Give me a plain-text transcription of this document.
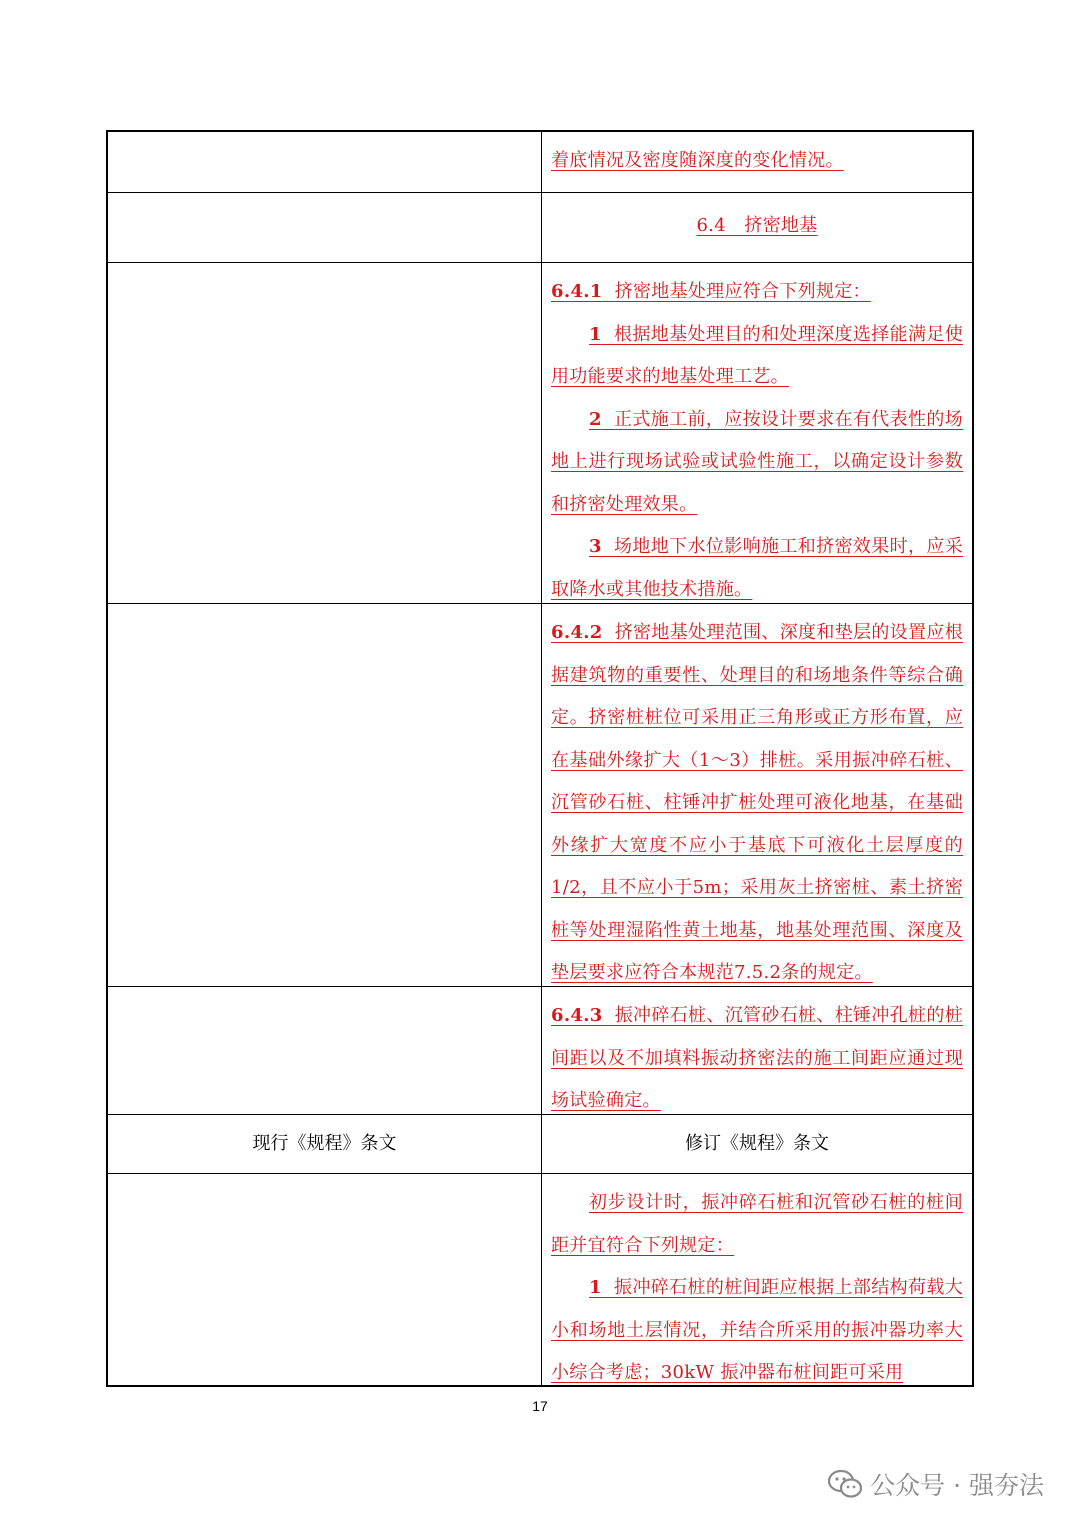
着底情况及密度随深度的变化情况。

6.4　挤密地基

6.4.1 挤密地基处理应符合下列规定：

1 根据地基处理目的和处理深度选择能满足使用功能要求的地基处理工艺。

2 正式施工前，应按设计要求在有代表性的场地上进行现场试验或试验性施工，以确定设计参数和挤密处理效果。

3 场地地下水位影响施工和挤密效果时，应采取降水或其他技术措施。

6.4.2 挤密地基处理范围、深度和垫层的设置应根据建筑物的重要性、处理目的和场地条件等综合确定。挤密桩桩位可采用正三角形或正方形布置，应在基础外缘扩大（1～3）排桩。采用振冲碎石桩、沉管砂石桩、柱锤冲扩桩处理可液化地基，在基础外缘扩大宽度不应小于基底下可液化土层厚度的1/2，且不应小于5m；采用灰土挤密桩、素土挤密桩等处理湿陷性黄土地基，地基处理范围、深度及垫层要求应符合本规范7.5.2条的规定。

6.4.3 振冲碎石桩、沉管砂石桩、柱锤冲孔桩的桩间距以及不加填料振动挤密法的施工间距应通过现场试验确定。

现行《规程》条文	修订《规程》条文

初步设计时，振冲碎石桩和沉管砂石桩的桩间距并宜符合下列规定：

1 振冲碎石桩的桩间距应根据上部结构荷载大小和场地土层情况，并结合所采用的振冲器功率大小综合考虑；30kW 振冲器布桩间距可采用

17
公众号 · 强夯法
